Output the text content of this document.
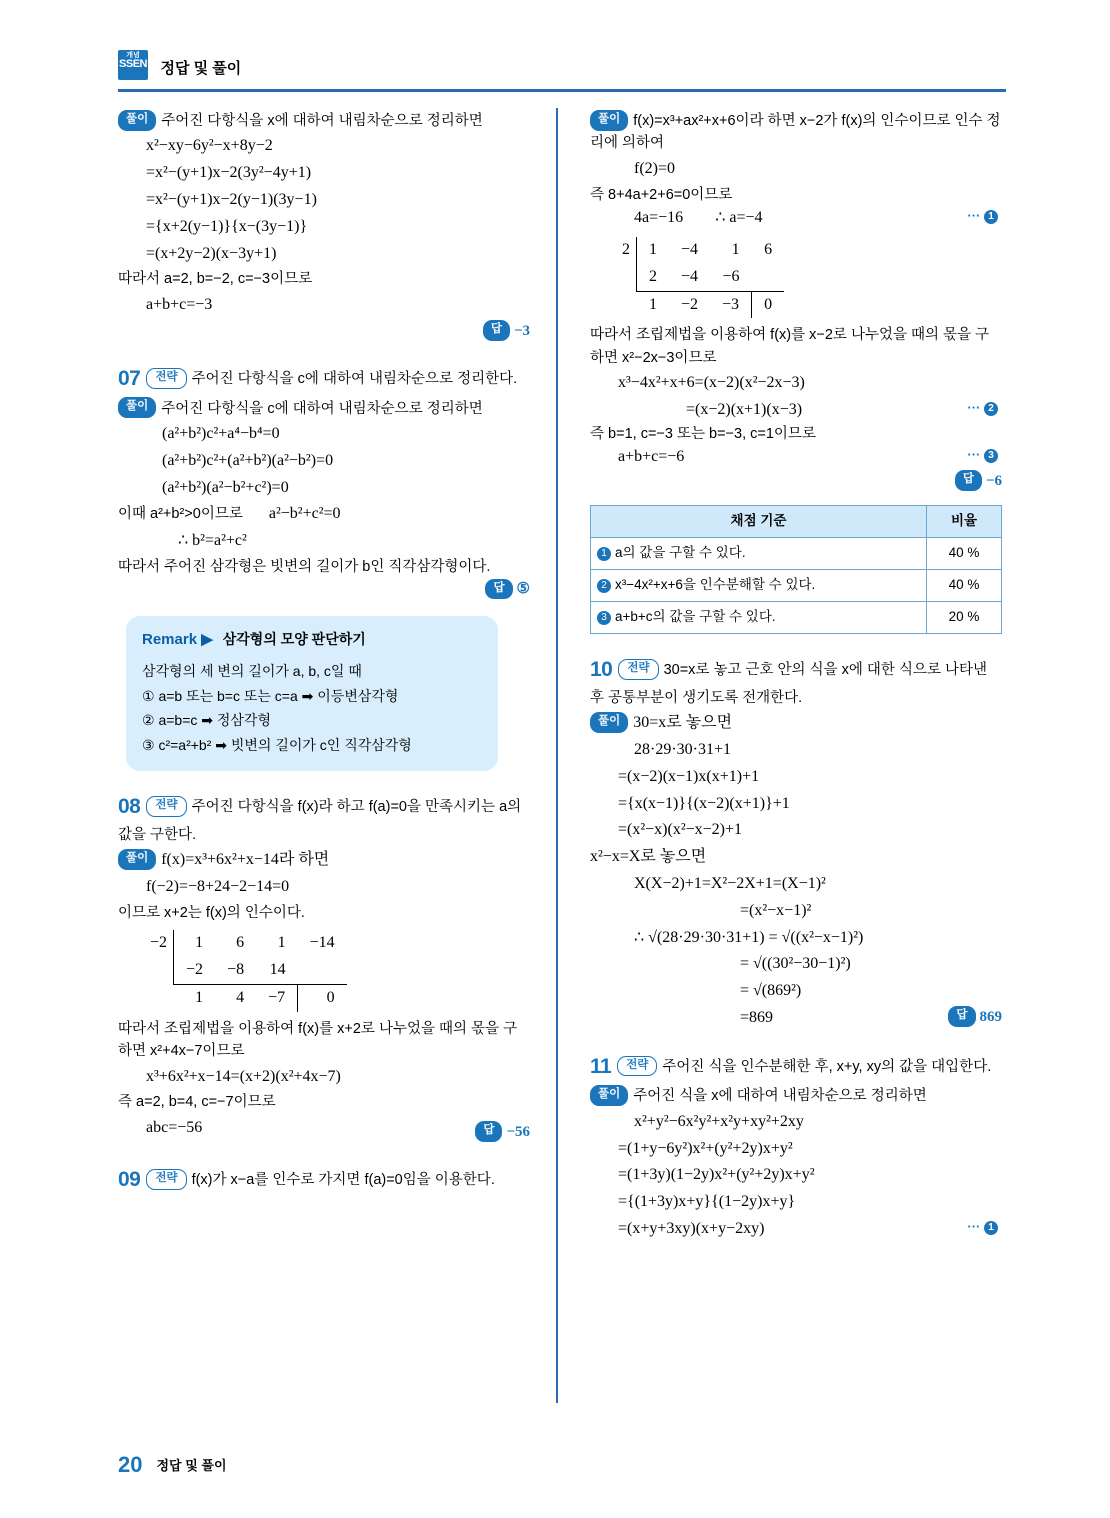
개념
SSEN 정답 및 풀이
풀이 주어진 다항식을 x에 대하여 내림차순으로 정리하면
x²−xy−6y²−x+8y−2
=x²−(y+1)x−2(3y²−4y+1)
=x²−(y+1)x−2(y−1)(3y−1)
={x+2(y−1)}{x−(3y−1)}
=(x+2y−2)(x−3y+1)
따라서 a=2, b=−2, c=−3이므로
a+b+c=−3
답 −3
07 전략 주어진 다항식을 c에 대하여 내림차순으로 정리한다.
풀이 주어진 다항식을 c에 대하여 내림차순으로 정리하면
(a²+b²)c²+a⁴−b⁴=0
(a²+b²)c²+(a²+b²)(a²−b²)=0
(a²+b²)(a²−b²+c²)=0
이때 a²+b²>0이므로 a²−b²+c²=0
∴ b²=a²+c²
따라서 주어진 삼각형은 빗변의 길이가 b인 직각삼각형이다.
답 ⑤
Remark ▶ 삼각형의 모양 판단하기
삼각형의 세 변의 길이가 a, b, c일 때
① a=b 또는 b=c 또는 c=a ➡ 이등변삼각형
② a=b=c ➡ 정삼각형
③ c²=a²+b² ➡ 빗변의 길이가 c인 직각삼각형
08 전략 주어진 다항식을 f(x)라 하고 f(a)=0을 만족시키는 a의 값을 구한다.
풀이 f(x)=x³+6x²+x−14라 하면
f(−2)=−8+24−2−14=0
이므로 x+2는 f(x)의 인수이다.
−2	1	6	1	−14
	−2	−8	14	
	1	4	−7	0
따라서 조립제법을 이용하여 f(x)를 x+2로 나누었을 때의 몫을 구하면 x²+4x−7이므로
x³+6x²+x−14=(x+2)(x²+4x−7)
즉 a=2, b=4, c=−7이므로
abc=−56	답 −56
09 전략 f(x)가 x−a를 인수로 가지면 f(a)=0임을 이용한다.
풀이 f(x)=x³+ax²+x+6이라 하면 x−2가 f(x)의 인수이므로 인수 정리에 의하여
f(2)=0
즉 8+4a+2+6=0이므로
4a=−16 ∴ a=−4	··· 1
2	1	−4	1	6
	2	−4	−6	
	1	−2	−3	0
따라서 조립제법을 이용하여 f(x)를 x−2로 나누었을 때의 몫을 구하면 x²−2x−3이므로
x³−4x²+x+6=(x−2)(x²−2x−3)
=(x−2)(x+1)(x−3)	··· 2
즉 b=1, c=−3 또는 b=−3, c=1이므로
a+b+c=−6	··· 3
답 −6
채점 기준	비율
1 a의 값을 구할 수 있다.	40 %
2 x³−4x²+x+6을 인수분해할 수 있다.	40 %
3 a+b+c의 값을 구할 수 있다.	20 %
10 전략 30=x로 놓고 근호 안의 식을 x에 대한 식으로 나타낸 후 공통부분이 생기도록 전개한다.
풀이 30=x로 놓으면
28·29·30·31+1
=(x−2)(x−1)x(x+1)+1
={x(x−1)}{(x−2)(x+1)}+1
=(x²−x)(x²−x−2)+1
x²−x=X로 놓으면
X(X−2)+1=X²−2X+1=(X−1)²
=(x²−x−1)²
∴ √(28·29·30·31+1) = √((x²−x−1)²)
= √((30²−30−1)²)
= √(869²)
=869	답 869
11 전략 주어진 식을 인수분해한 후, x+y, xy의 값을 대입한다.
풀이 주어진 식을 x에 대하여 내림차순으로 정리하면
x²+y²−6x²y²+x²y+xy²+2xy
=(1+y−6y²)x²+(y²+2y)x+y²
=(1+3y)(1−2y)x²+(y²+2y)x+y²
={(1+3y)x+y}{(1−2y)x+y}
=(x+y+3xy)(x+y−2xy)	··· 1
20 정답 및 풀이
